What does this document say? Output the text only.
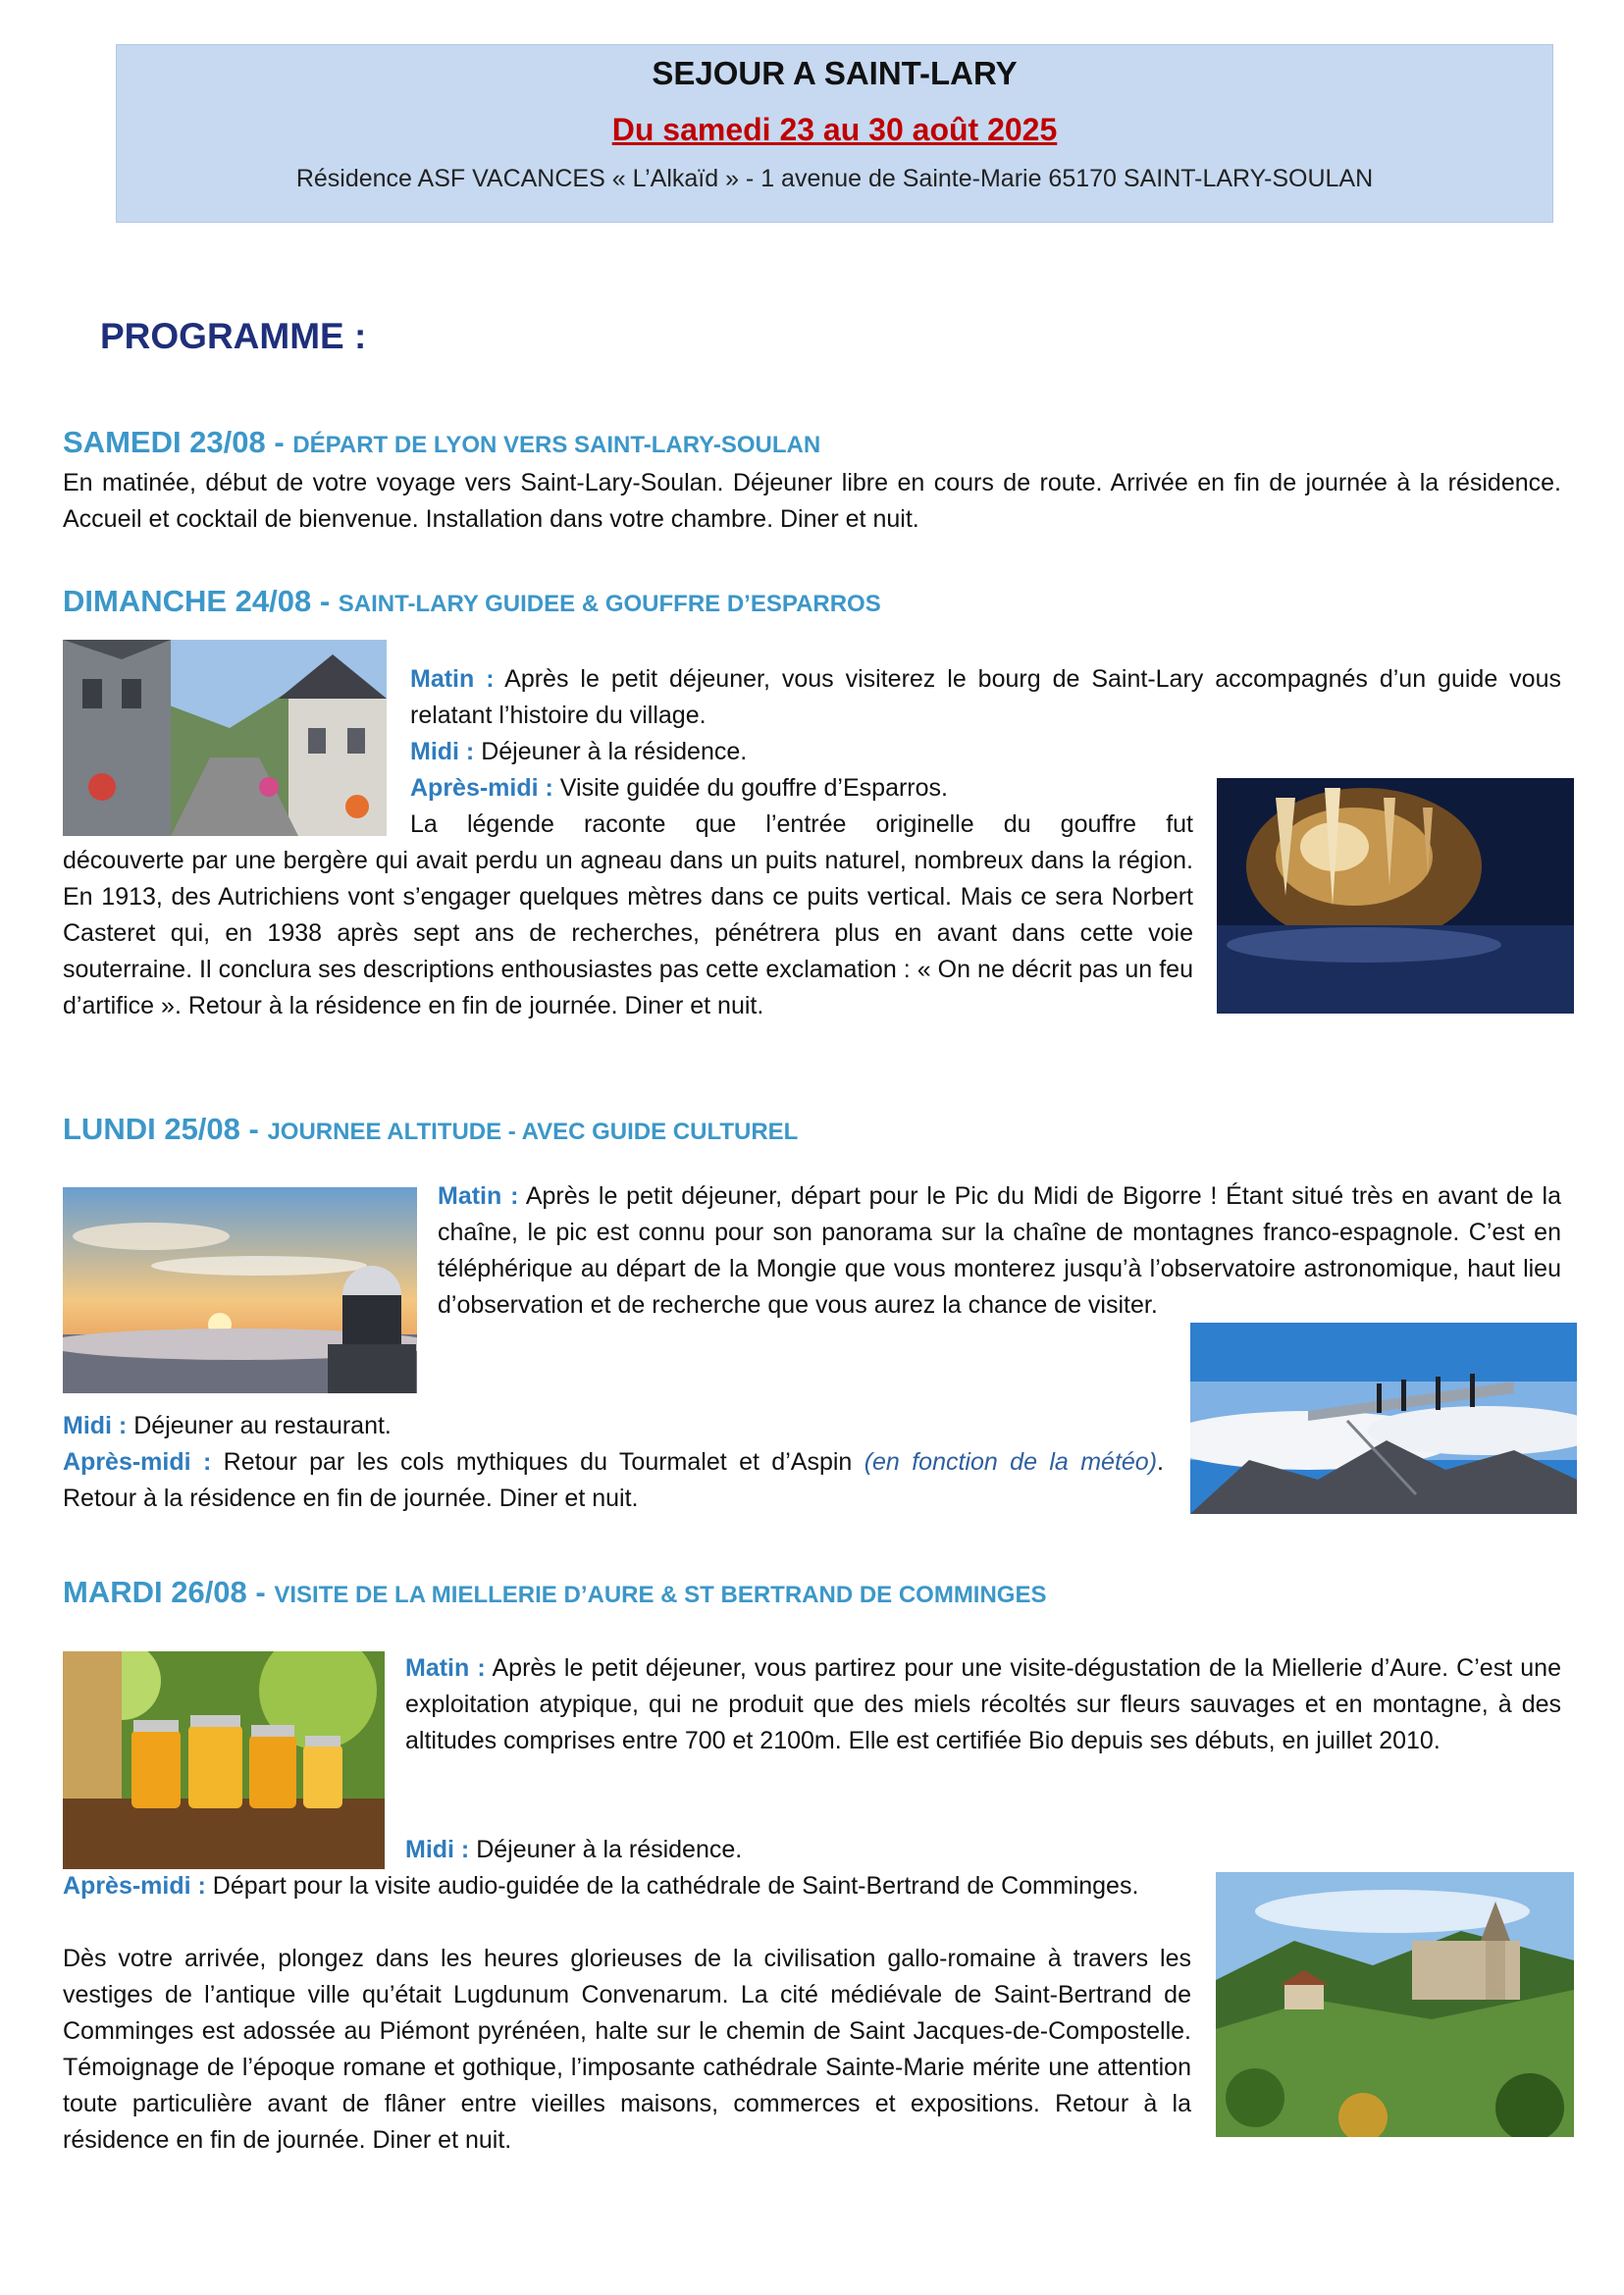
SEJOUR A SAINT-LARY
Du samedi 23 au 30 août 2025
Résidence ASF VACANCES « L’Alkaïd » - 1 avenue de Sainte-Marie 65170 SAINT-LARY-SOULAN
PROGRAMME :
SAMEDI 23/08 - DÉPART DE LYON VERS SAINT-LARY-SOULAN
En matinée, début de votre voyage vers Saint-Lary-Soulan. Déjeuner libre en cours de route. Arrivée en fin de journée à la résidence. Accueil et cocktail de bienvenue. Installation dans votre chambre. Diner et nuit.
DIMANCHE 24/08 - SAINT-LARY GUIDEE & GOUFFRE D’ESPARROS
Matin : Après le petit déjeuner, vous visiterez le bourg de Saint-Lary accompagnés d’un guide vous relatant l’histoire du village.
Midi : Déjeuner à la résidence.
Après-midi : Visite guidée du gouffre d’Esparros.
La légende raconte que l’entrée originelle du gouffre fut
découverte par une bergère qui avait perdu un agneau dans un puits naturel, nombreux dans la région. En 1913, des Autrichiens vont s’engager quelques mètres dans ce puits vertical. Mais ce sera Norbert Casteret qui, en 1938 après sept ans de recherches, pénétrera plus en avant dans cette voie souterraine. Il conclura ses descriptions enthousiastes pas cette exclamation : « On ne décrit pas un feu d’artifice ». Retour à la résidence en fin de journée. Diner et nuit.
LUNDI 25/08 - JOURNEE ALTITUDE - AVEC GUIDE CULTUREL
Matin : Après le petit déjeuner, départ pour le Pic du Midi de Bigorre ! Étant situé très en avant de la chaîne, le pic est connu pour son panorama sur la chaîne de montagnes franco-espagnole. C’est en téléphérique au départ de la Mongie que vous monterez jusqu’à l’observatoire astronomique, haut lieu d’observation et de recherche que vous aurez la chance de visiter.
Midi : Déjeuner au restaurant.
Après-midi : Retour par les cols mythiques du Tourmalet et d’Aspin (en fonction de la météo). Retour à la résidence en fin de journée. Diner et nuit.
MARDI 26/08 - VISITE DE LA MIELLERIE D’AURE & ST BERTRAND DE COMMINGES
Matin : Après le petit déjeuner, vous partirez pour une visite-dégustation de la Miellerie d’Aure. C’est une exploitation atypique, qui ne produit que des miels récoltés sur fleurs sauvages et en montagne, à des altitudes comprises entre 700 et 2100m. Elle est certifiée Bio depuis ses débuts, en juillet 2010.
Midi : Déjeuner à la résidence.
Après-midi : Départ pour la visite audio-guidée de la cathédrale de Saint-Bertrand de Comminges.
Dès votre arrivée, plongez dans les heures glorieuses de la civilisation gallo-romaine à travers les vestiges de l’antique ville qu’était Lugdunum Convenarum. La cité médiévale de Saint-Bertrand de Comminges est adossée au Piémont pyrénéen, halte sur le chemin de Saint Jacques-de-Compostelle. Témoignage de l’époque romane et gothique, l’imposante cathédrale Sainte-Marie mérite une attention toute particulière avant de flâner entre vieilles maisons, commerces et expositions. Retour à la résidence en fin de journée. Diner et nuit.
